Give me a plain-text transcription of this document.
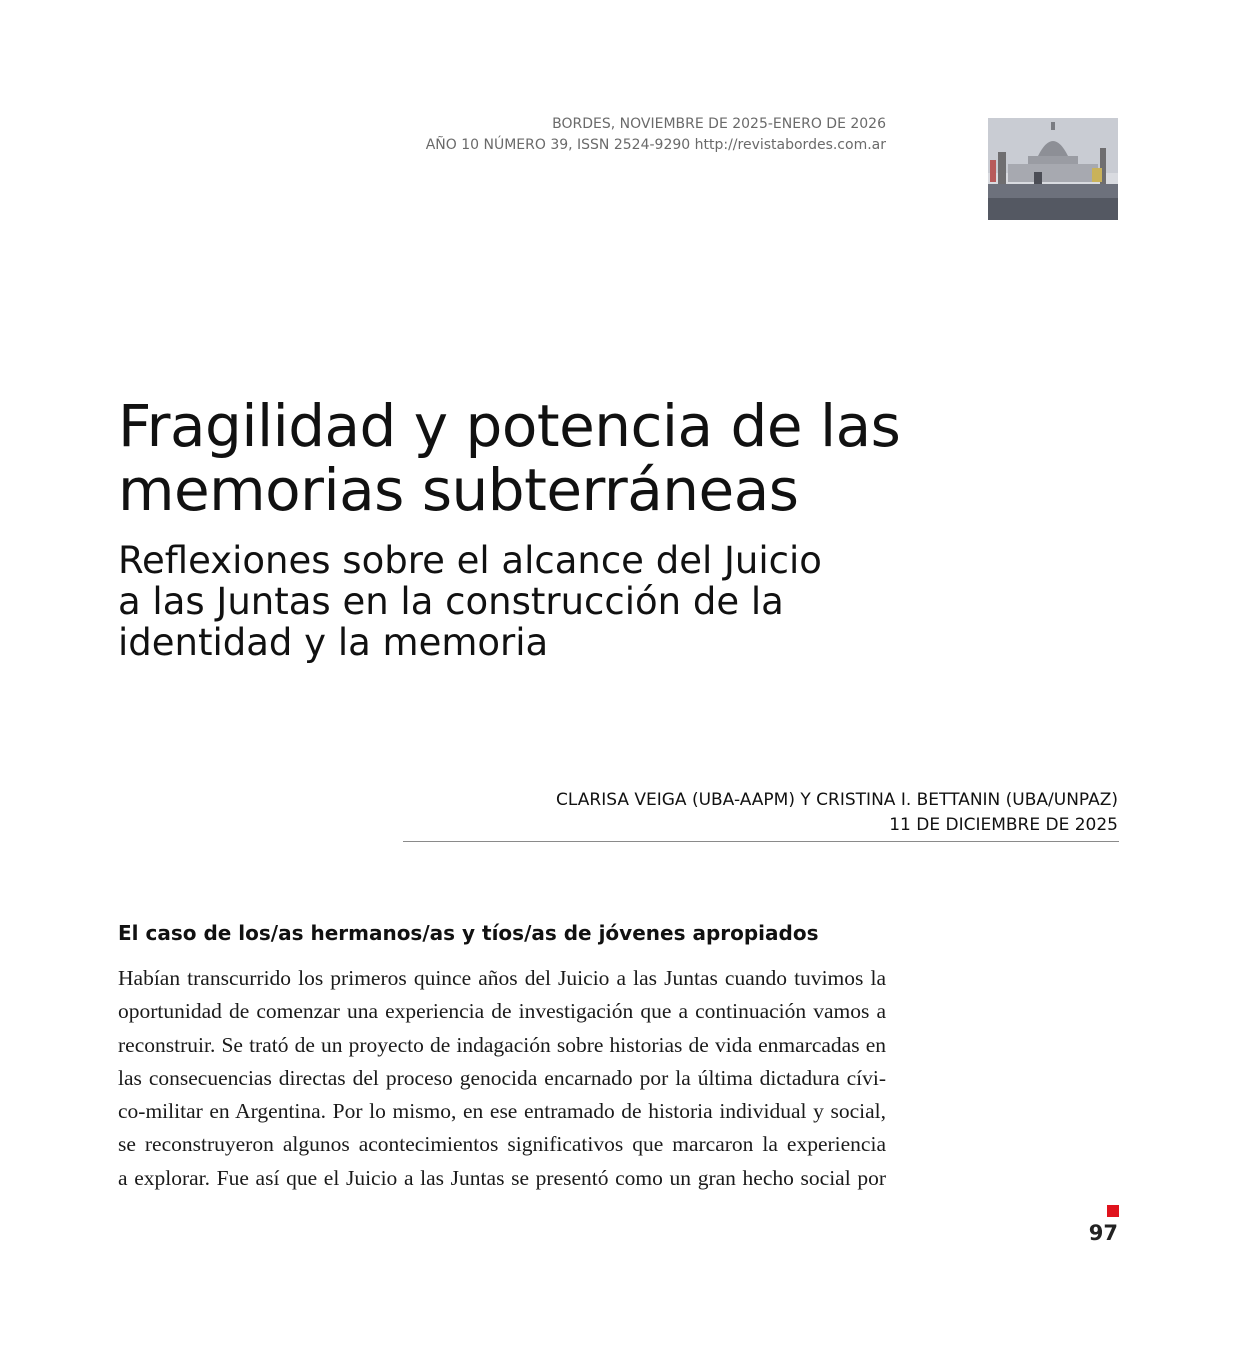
BORDES, NOVIEMBRE DE 2025-ENERO DE 2026
AÑO 10 NÚMERO 39, ISSN 2524-9290 http://revistabordes.com.ar
Fragilidad y potencia de las
memorias subterráneas
Reflexiones sobre el alcance del Juicio
a las Juntas en la construcción de la
identidad y la memoria
CLARISA VEIGA (UBA-AAPM) Y CRISTINA I. BETTANIN (UBA/UNPAZ)
11 DE DICIEMBRE DE 2025
El caso de los/as hermanos/as y tíos/as de jóvenes apropiados
Habían transcurrido los primeros quince años del Juicio a las Juntas cuando tuvimos la
oportunidad de comenzar una experiencia de investigación que a continuación vamos a
reconstruir. Se trató de un proyecto de indagación sobre historias de vida enmarcadas en
las consecuencias directas del proceso genocida encarnado por la última dictadura cívi-
co-militar en Argentina. Por lo mismo, en ese entramado de historia individual y social,
se reconstruyeron algunos acontecimientos significativos que marcaron la experiencia
a explorar. Fue así que el Juicio a las Juntas se presentó como un gran hecho social por
97
